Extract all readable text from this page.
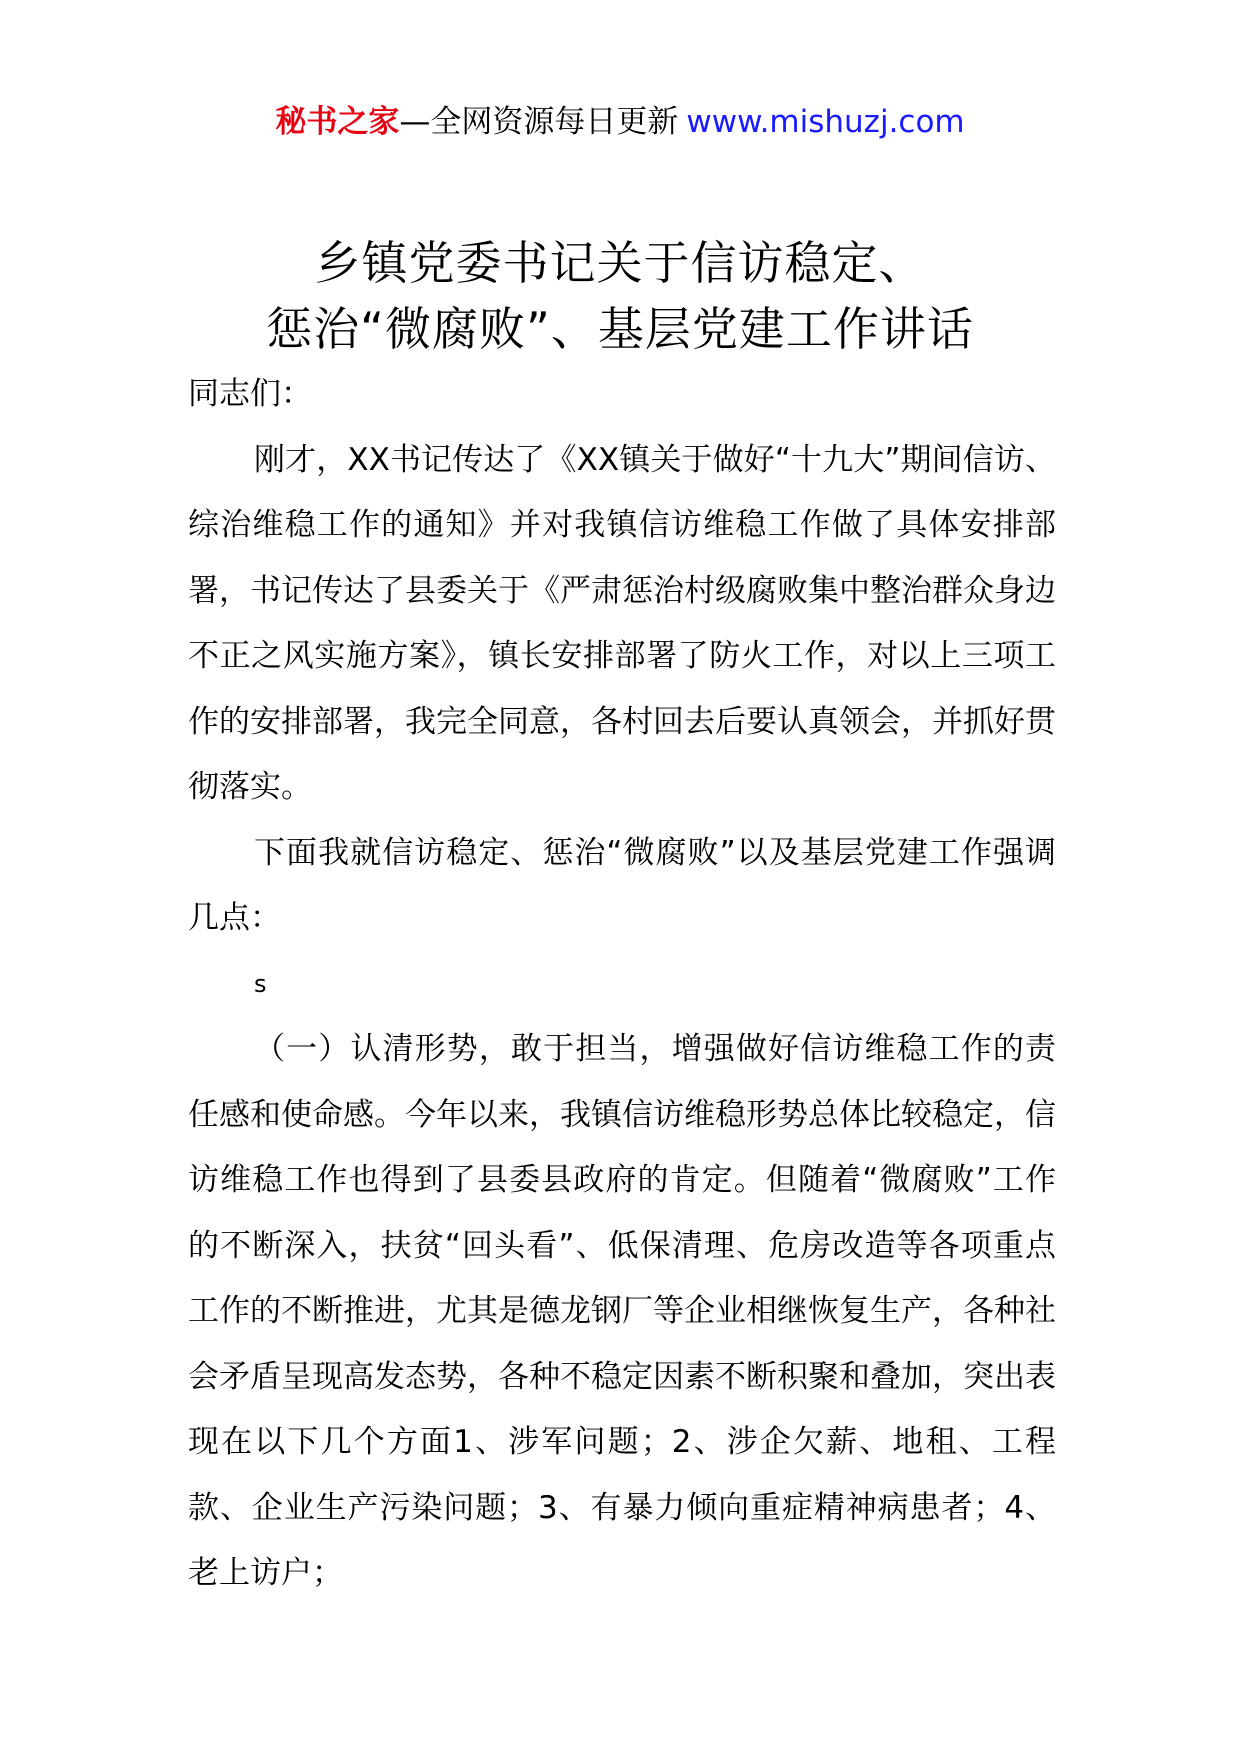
秘书之家—全网资源每日更新 www.mishuzj.com
乡镇党委书记关于信访稳定、
惩治“微腐败”、基层党建工作讲话

同志们：

刚才，XX书记传达了《XX镇关于做好“十九大”期间信访、综治维稳工作的通知》并对我镇信访维稳工作做了具体安排部署，书记传达了县委关于《严肃惩治村级腐败集中整治群众身边不正之风实施方案》，镇长安排部署了防火工作，对以上三项工作的安排部署，我完全同意，各村回去后要认真领会，并抓好贯彻落实。

下面我就信访稳定、惩治“微腐败”以及基层党建工作强调几点：

s

（一）认清形势，敢于担当，增强做好信访维稳工作的责任感和使命感。今年以来，我镇信访维稳形势总体比较稳定，信访维稳工作也得到了县委县政府的肯定。但随着“微腐败”工作的不断深入，扶贫“回头看”、低保清理、危房改造等各项重点工作的不断推进，尤其是德龙钢厂等企业相继恢复生产，各种社会矛盾呈现高发态势，各种不稳定因素不断积聚和叠加，突出表现在以下几个方面1、涉军问题；2、涉企欠薪、地租、工程款、企业生产污染问题；3、有暴力倾向重症精神病患者；4、老上访户；
